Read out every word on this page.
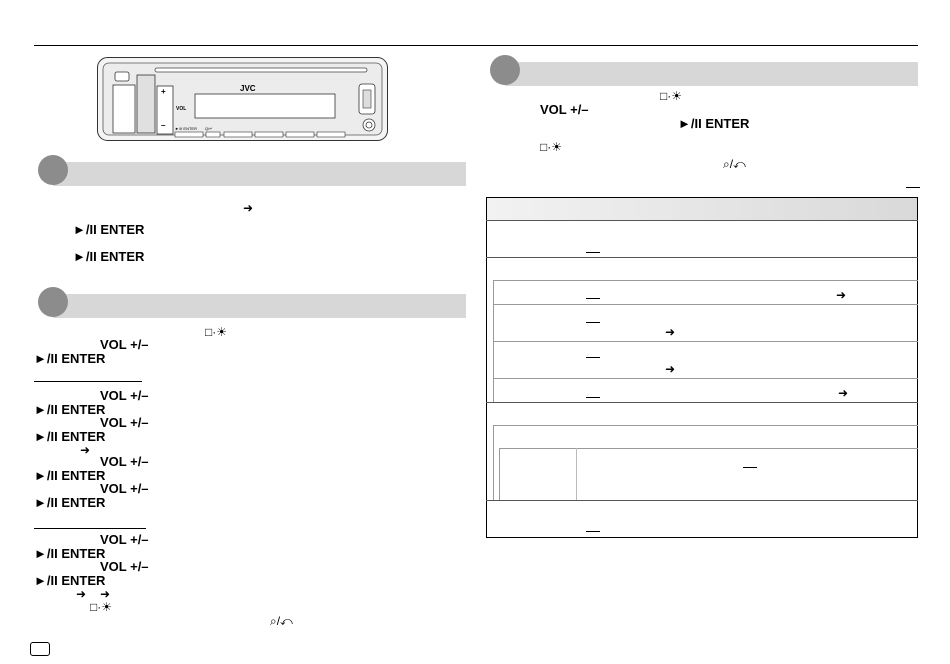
JVC
VOL
+
– ►/II ENTER Q/↵
➜
►/II ENTER
►/II ENTER
□·☀
VOL +/–
►/II ENTER
VOL +/–
►/II ENTER
VOL +/–
►/II ENTER
➜
VOL +/–
►/II ENTER
VOL +/–
►/II ENTER
VOL +/–
►/II ENTER
VOL +/–
►/II ENTER
➜ ➜
□·☀
⌕/↶
□·☀
VOL +/–
►/II ENTER
□·☀
⌕/↶
➜
➜
➜
➜
